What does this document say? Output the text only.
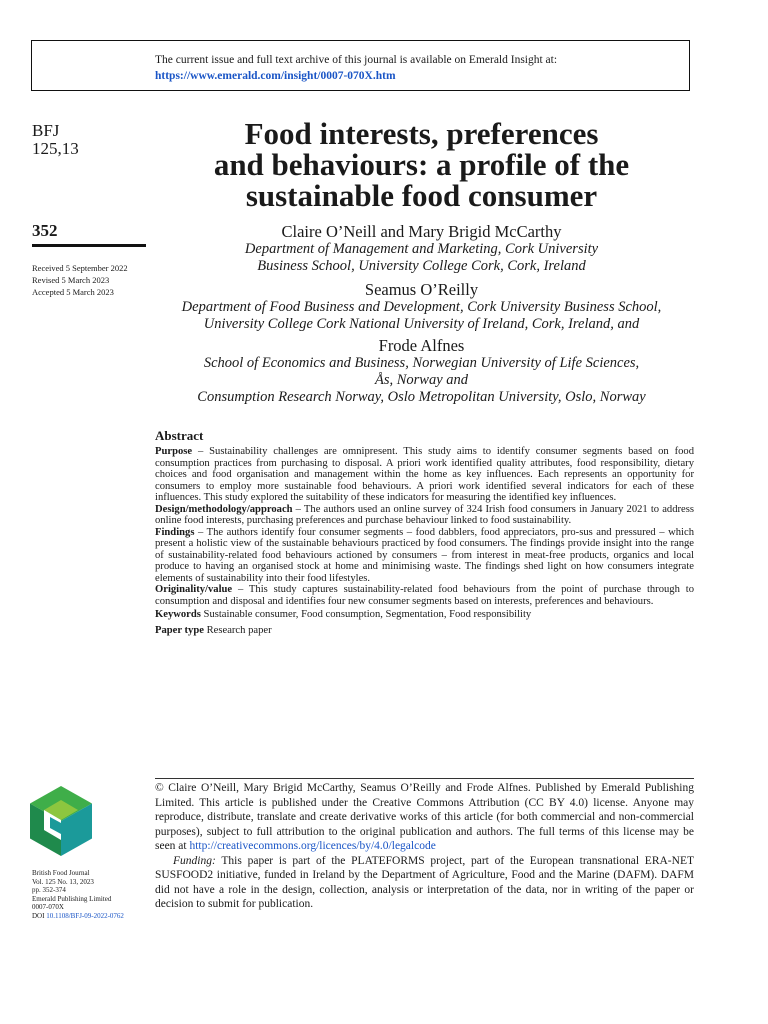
The current issue and full text archive of this journal is available on Emerald Insight at:
https://www.emerald.com/insight/0007-070X.htm
BFJ
125,13
352
Received 5 September 2022
Revised 5 March 2023
Accepted 5 March 2023
Food interests, preferences
and behaviours: a profile of the
sustainable food consumer
Claire O’Neill and Mary Brigid McCarthy
Department of Management and Marketing, Cork University
Business School, University College Cork, Cork, Ireland
Seamus O’Reilly
Department of Food Business and Development, Cork University Business School,
University College Cork National University of Ireland, Cork, Ireland, and
Frode Alfnes
School of Economics and Business, Norwegian University of Life Sciences,
Ås, Norway and
Consumption Research Norway, Oslo Metropolitan University, Oslo, Norway
Abstract

Purpose – Sustainability challenges are omnipresent. This study aims to identify consumer segments based on food consumption practices from purchasing to disposal. A priori work identified quality attributes, food responsibility, dietary choices and food organisation and management within the home as key influences. Each represents an opportunity for consumers to employ more sustainable food behaviours. A priori work identified several indicators for each of these influences. This study explored the suitability of these indicators for measuring the identified key influences.

Design/methodology/approach – The authors used an online survey of 324 Irish food consumers in January 2021 to address online food interests, purchasing preferences and purchase behaviour linked to food sustainability.

Findings – The authors identify four consumer segments – food dabblers, food appreciators, pro-sus and pressured – which present a holistic view of the sustainable behaviours practiced by food consumers. The findings provide insight into the range of sustainability-related food behaviours actioned by consumers – from interest in meat-free products, organics and local produce to having an organised stock at home and minimising waste. The findings shed light on how consumers integrate elements of sustainability into their food lifestyles.

Originality/value – This study captures sustainability-related food behaviours from the point of purchase through to consumption and disposal and identifies four new consumer segments based on interests, preferences and behaviours.

Keywords Sustainable consumer, Food consumption, Segmentation, Food responsibility

Paper type Research paper

British Food Journal
Vol. 125 No. 13, 2023
pp. 352-374
Emerald Publishing Limited
0007-070X
DOI 10.1108/BFJ-09-2022-0762

© Claire O’Neill, Mary Brigid McCarthy, Seamus O’Reilly and Frode Alfnes. Published by Emerald Publishing Limited. This article is published under the Creative Commons Attribution (CC BY 4.0) license. Anyone may reproduce, distribute, translate and create derivative works of this article (for both commercial and non-commercial purposes), subject to full attribution to the original publication and authors. The full terms of this license may be seen at http://creativecommons.org/licences/by/4.0/legalcode

Funding: This paper is part of the PLATEFORMS project, part of the European transnational ERA-NET SUSFOOD2 initiative, funded in Ireland by the Department of Agriculture, Food and the Marine (DAFM). DAFM did not have a role in the design, collection, analysis or interpretation of the data, nor in writing of the paper or decision to submit for publication.
